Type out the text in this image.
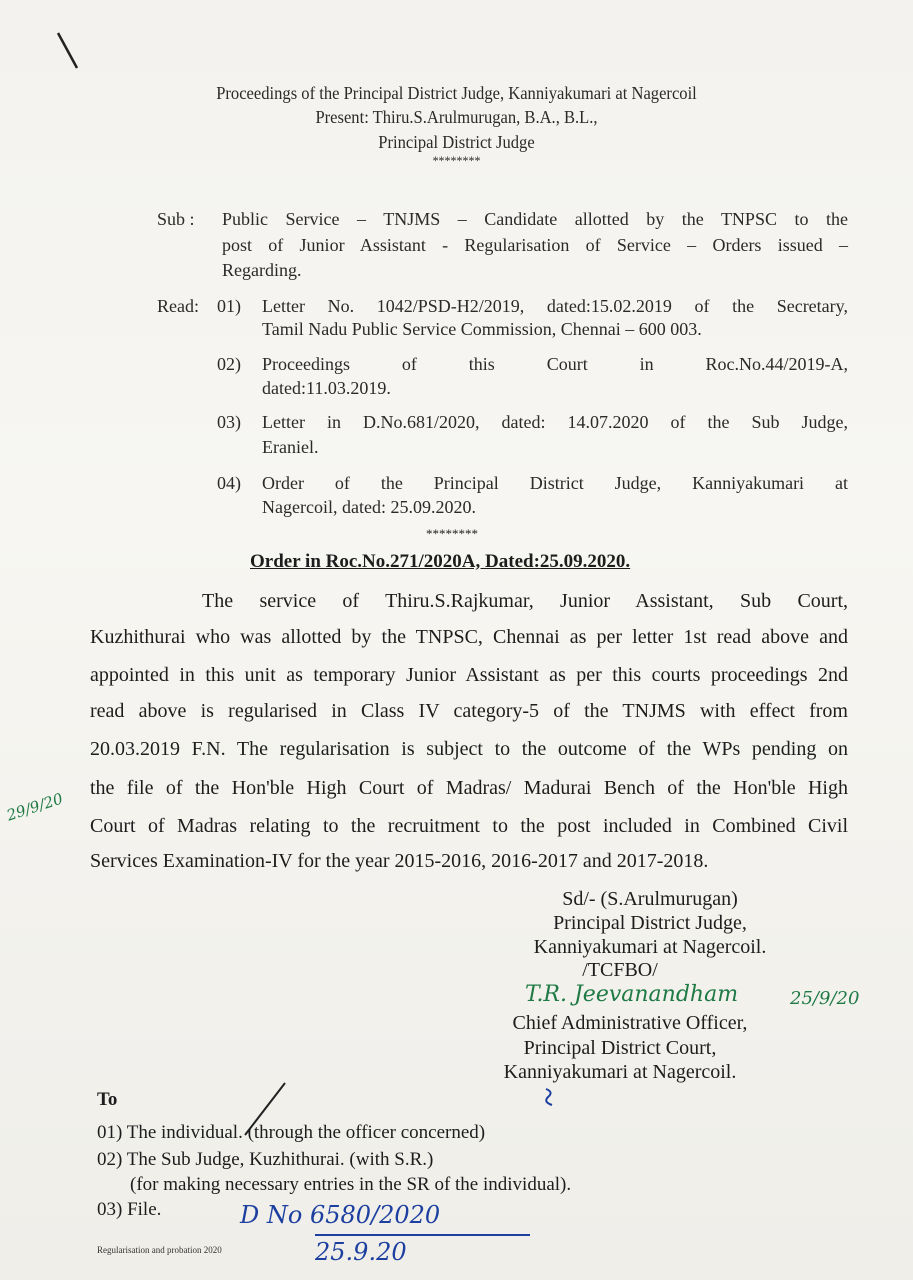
Proceedings of the Principal District Judge, Kanniyakumari at Nagercoil
Present: Thiru.S.Arulmurugan, B.A., B.L.,
Principal District Judge
********
Sub : Public Service – TNJMS – Candidate allotted by the TNPSC to the
post of Junior Assistant - Regularisation of Service – Orders issued –
Regarding.
Read: 01) Letter No. 1042/PSD-H2/2019, dated:15.02.2019 of the Secretary,
Tamil Nadu Public Service Commission, Chennai – 600 003.
02) Proceedings of this Court in Roc.No.44/2019-A,
dated:11.03.2019.
03) Letter in D.No.681/2020, dated: 14.07.2020 of the Sub Judge,
Eraniel.
04) Order of the Principal District Judge, Kanniyakumari at
Nagercoil, dated: 25.09.2020.
********
Order in Roc.No.271/2020A, Dated:25.09.2020.
The service of Thiru.S.Rajkumar, Junior Assistant, Sub Court,
Kuzhithurai who was allotted by the TNPSC, Chennai as per letter 1st read above and
appointed in this unit as temporary Junior Assistant as per this courts proceedings 2nd
read above is regularised in Class IV category-5 of the TNJMS with effect from
20.03.2019 F.N. The regularisation is subject to the outcome of the WPs pending on
the file of the Hon'ble High Court of Madras/ Madurai Bench of the Hon'ble High
Court of Madras relating to the recruitment to the post included in Combined Civil
Services Examination-IV for the year 2015-2016, 2016-2017 and 2017-2018.
29/9/20
Sd/- (S.Arulmurugan)
Principal District Judge,
Kanniyakumari at Nagercoil.
/TCFBO/
T.R. Jeevanandham	25/9/20
Chief Administrative Officer,
Principal District Court,
Kanniyakumari at Nagercoil.
To
01) The individual. (through the officer concerned)
02) The Sub Judge, Kuzhithurai. (with S.R.)
(for making necessary entries in the SR of the individual).
03) File.	D No 6580/2020
25.9.20
Regularisation and probation 2020
